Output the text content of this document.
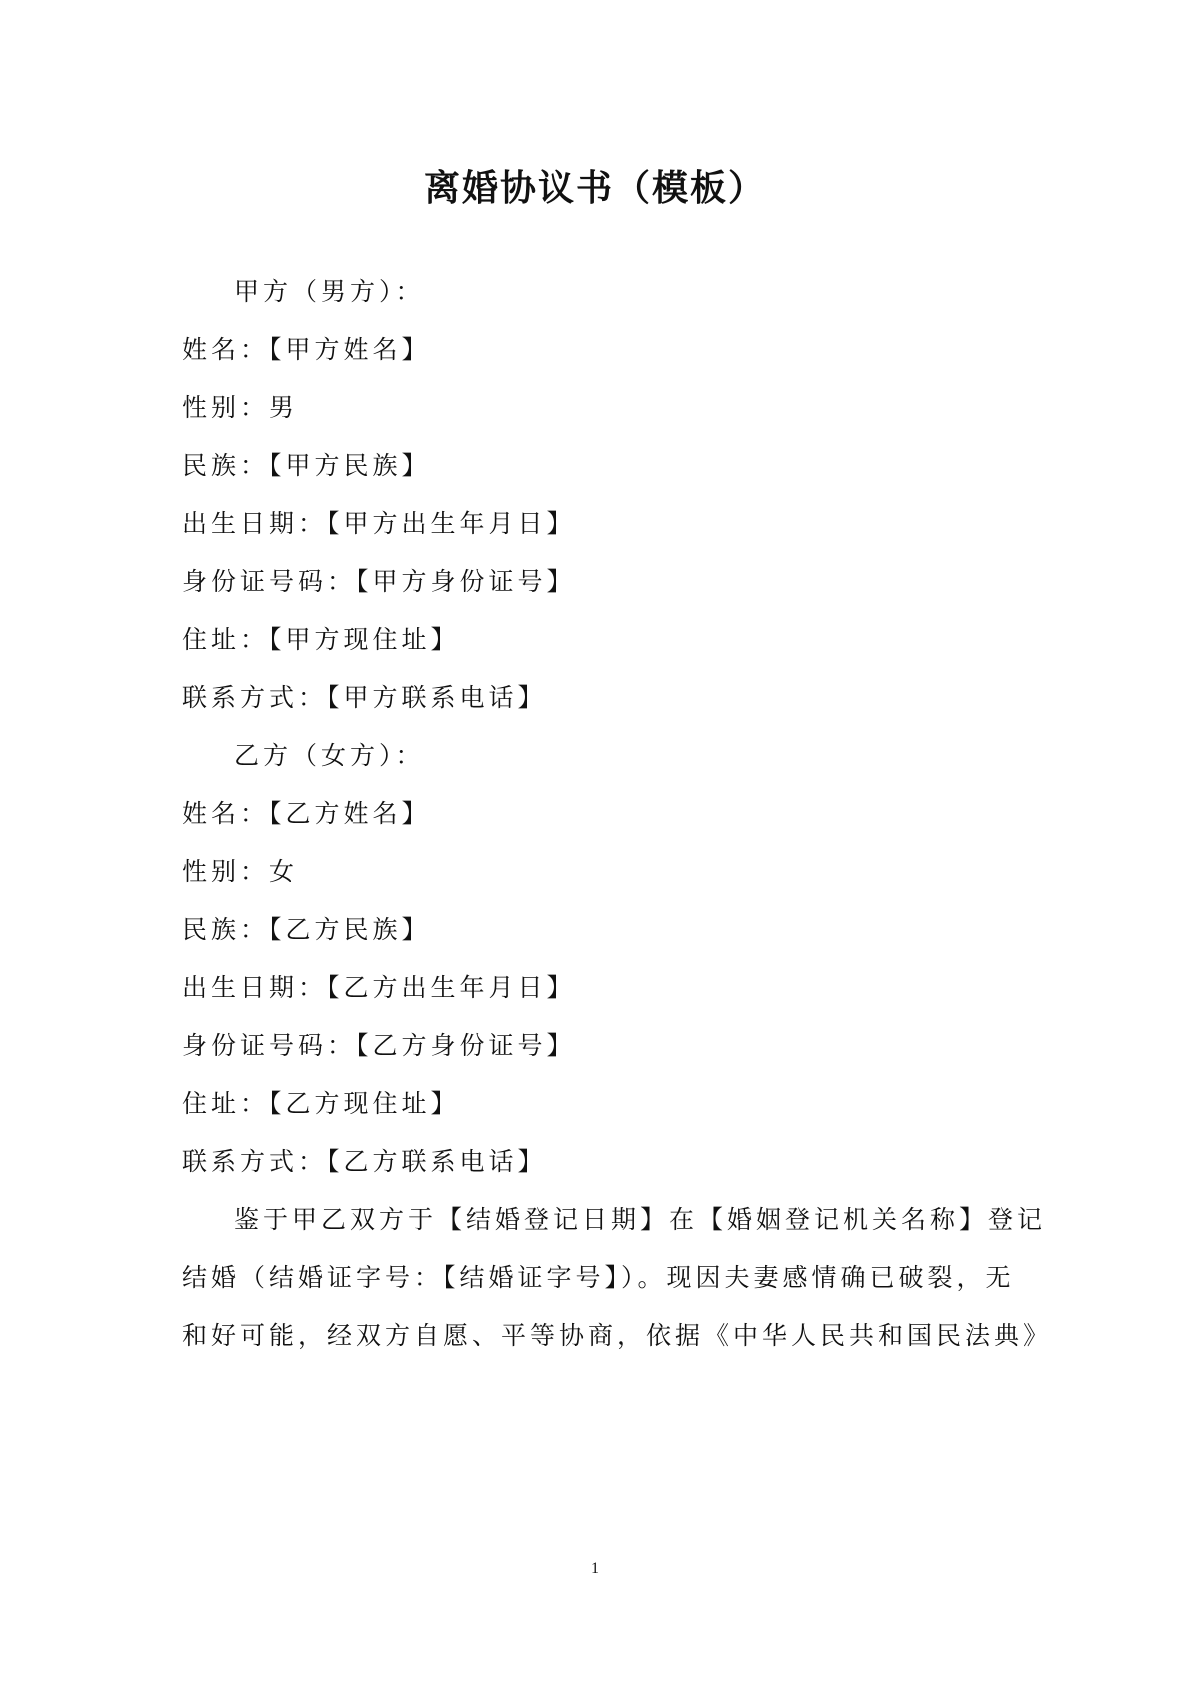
离婚协议书（模板）
甲方（男方）：
姓名：【甲方姓名】
性别：男
民族：【甲方民族】
出生日期：【甲方出生年月日】
身份证号码：【甲方身份证号】
住址：【甲方现住址】
联系方式：【甲方联系电话】
乙方（女方）：
姓名：【乙方姓名】
性别：女
民族：【乙方民族】
出生日期：【乙方出生年月日】
身份证号码：【乙方身份证号】
住址：【乙方现住址】
联系方式：【乙方联系电话】
鉴于甲乙双方于【结婚登记日期】在【婚姻登记机关名称】登记
结婚（结婚证字号：【结婚证字号】）。现因夫妻感情确已破裂，无
和好可能，经双方自愿、平等协商，依据《中华人民共和国民法典》
1
